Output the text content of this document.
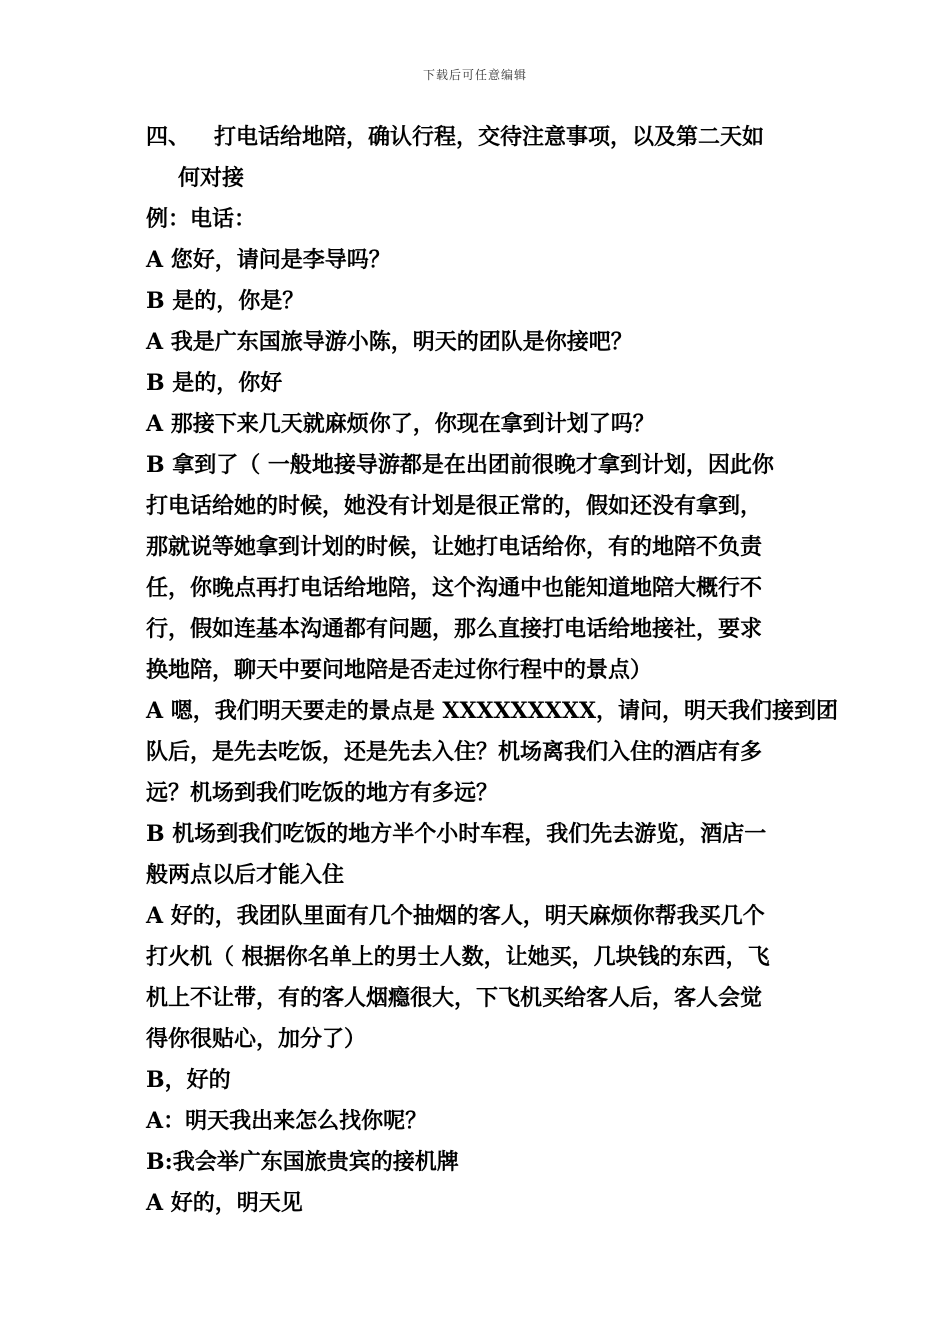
下载后可任意编辑
四、	打电话给地陪，确认行程，交待注意事项，以及第二天如
何对接
例：电话：
A 您好，请问是李导吗？
B 是的，你是？
A 我是广东国旅导游小陈，明天的团队是你接吧？
B 是的，你好
A 那接下来几天就麻烦你了，你现在拿到计划了吗？
B 拿到了（ 一般地接导游都是在出团前很晚才拿到计划，因此你
打电话给她的时候，她没有计划是很正常的，假如还没有拿到，
那就说等她拿到计划的时候，让她打电话给你，有的地陪不负责
任，你晚点再打电话给地陪，这个沟通中也能知道地陪大概行不
行，假如连基本沟通都有问题，那么直接打电话给地接社，要求
换地陪，聊天中要问地陪是否走过你行程中的景点）
A 嗯，我们明天要走的景点是 XXXXXXXXX，请问，明天我们接到团
队后，是先去吃饭，还是先去入住？机场离我们入住的酒店有多
远？机场到我们吃饭的地方有多远？
B 机场到我们吃饭的地方半个小时车程，我们先去游览，酒店一
般两点以后才能入住
A 好的，我团队里面有几个抽烟的客人，明天麻烦你帮我买几个
打火机（ 根据你名单上的男士人数，让她买，几块钱的东西，飞
机上不让带，有的客人烟瘾很大，下飞机买给客人后，客人会觉
得你很贴心，加分了）
B，好的
A：明天我出来怎么找你呢？
B:我会举广东国旅贵宾的接机牌
A 好的，明天见
